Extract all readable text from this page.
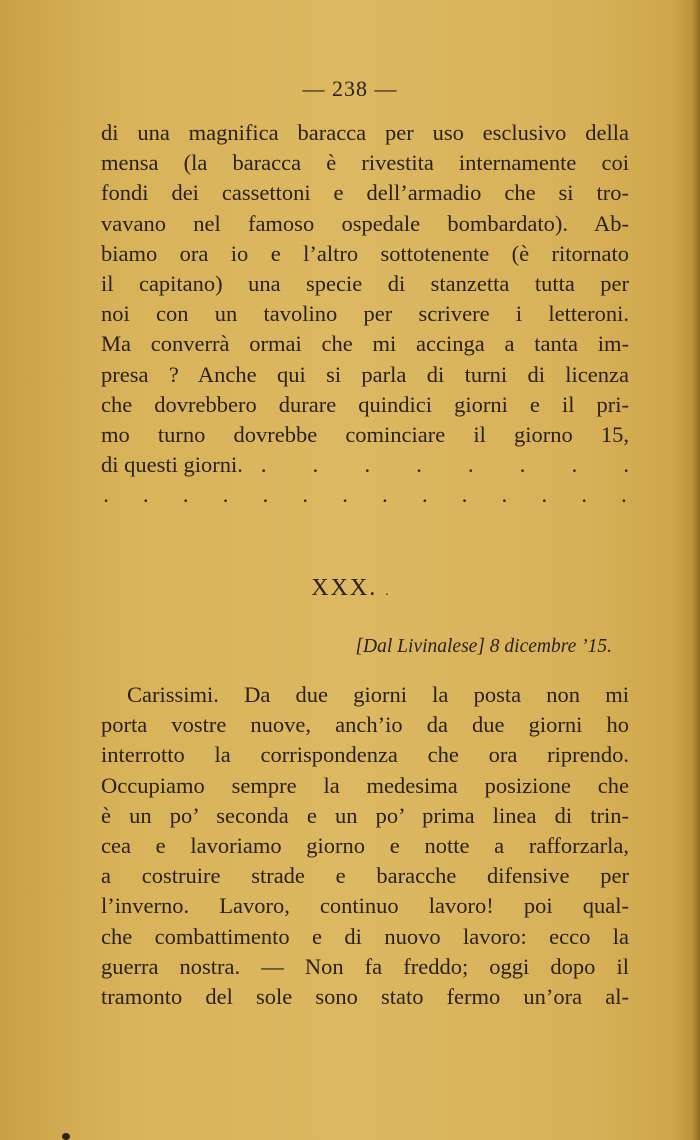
— 238 —
di una magnifica baracca per uso esclusivo della
mensa (la baracca è rivestita internamente coi
fondi dei cassettoni e dell’armadio che si tro-
vavano nel famoso ospedale bombardato). Ab-
biamo ora io e l’altro sottotenente (è ritornato
il capitano) una specie di stanzetta tutta per
noi con un tavolino per scrivere i letteroni.
Ma converrà ormai che mi accinga a tanta im-
presa ? Anche qui si parla di turni di licenza
che dovrebbero durare quindici giorni e il pri-
mo turno dovrebbe cominciare il giorno 15,
di questi giorni. . . . . . . . .
. . . . . . . . . . . . . .
XXX. .
[Dal Livinalese] 8 dicembre ’15.
Carissimi. Da due giorni la posta non mi
porta vostre nuove, anch’io da due giorni ho
interrotto la corrispondenza che ora riprendo.
Occupiamo sempre la medesima posizione che
è un po’ seconda e un po’ prima linea di trin-
cea e lavoriamo giorno e notte a rafforzarla,
a costruire strade e baracche difensive per
l’inverno. Lavoro, continuo lavoro! poi qual-
che combattimento e di nuovo lavoro: ecco la
guerra nostra. — Non fa freddo; oggi dopo il
tramonto del sole sono stato fermo un’ora al-
